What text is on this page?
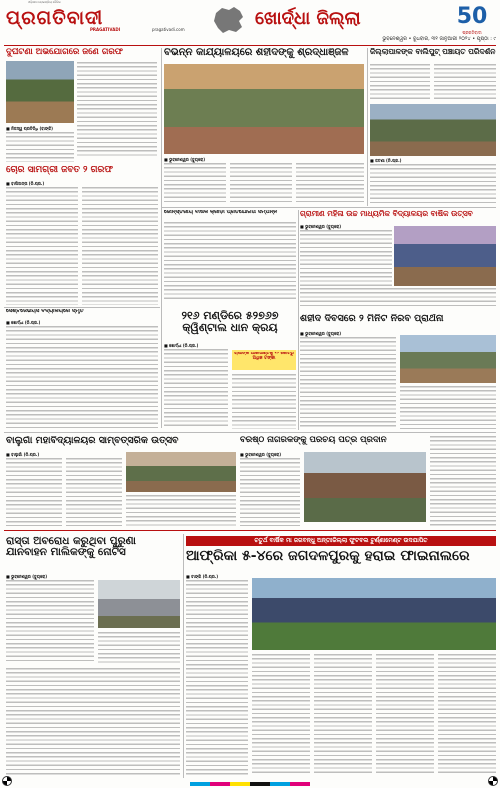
ଓଡ଼ିଶାର ଲୋକପ୍ରିୟ ଦୈନିକ
ପ୍ରଗତିବାଦୀ
PRAGATIVADI	pragativadi.com
ଖୋର୍ଦ୍ଧା ଜିଲ୍ଲା	50
ପ୍ରଗତିବାଦୀ
ଭୁବନେଶ୍ୱର • ବୁଧବାର, ୩୧ ଜାନୁଆରୀ ୨୦୨୪ • ପୃଷ୍ଠା : ୯
ଦୁର୍ଘଟଣା ଅଭିଯୋଗରେ ଜଣେ ଗିରଫ
■ ନିଜସ୍ୱ ପ୍ରତିନିଧି (ବାଙ୍କି)
ଚୋରି ସାମଗ୍ରୀ ଜବତ ୨ ଗିରଫ
■ ବାଲିଅନ୍ତା (ନି.ପ୍ର.)
ବିଭିନ୍ନ କାର୍ଯ୍ୟାଳୟରେ ଶହୀଦଙ୍କୁ ଶ୍ରଦ୍ଧାଞ୍ଜଳି
■ ଭୁବନେଶ୍ୱର (ବ୍ୟୁରୋ)
ଜିଲ୍ଲାପାଳଙ୍କ ବାଲିପୁଟ୍ ପଞ୍ଚାୟତ ପରିଦର୍ଶନ
■ ଜଟଣୀ (ନି.ପ୍ର.)
ଜୋନ୍‌ସ୍ତରୀୟ ବାର୍ଷିକ କ୍ରୀଡ଼ା ପ୍ରତିଯୋଗିତା ସମ୍ପନ୍ନ	ଗ୍ରାମୀଣ ମହିଳା ଉଚ୍ଚ ମାଧ୍ୟମିକ ବିଦ୍ୟାଳୟର ବାର୍ଷିକ ଉତ୍ସବ
■ ଭୁବନେଶ୍ୱର (ବ୍ୟୁରୋ)
ସେଣ୍ଟଜେଭିୟର୍ସ ବିଦ୍ୟାଳୟରେ ସ୍ମୃତି
■ ଖୋର୍ଦ୍ଧା (ନି.ପ୍ର.)
୨୧୬ ମଣ୍ଡିରେ ୫୨୭୬୭ କ୍ୱିଣ୍ଟାଲ ଧାନ କ୍ରୟ
■ ଖୋର୍ଦ୍ଧା (ନି.ପ୍ର.)
ଚାଷୀଙ୍କ ଆକାଉଣ୍ଟକୁ ୧୨ କୋଟିରୁ ଅଧିକ ଟଙ୍କା
ଶହୀଦ ଦିବସରେ ୨ ମିନିଟ ନିରବ ପ୍ରାର୍ଥନା
■ ଭୁବନେଶ୍ୱର (ବ୍ୟୁରୋ)
ବାଲୁଗାଁ ମହାବିଦ୍ୟାଳୟର ସାମ୍ବତ୍ସରିକ ଉତ୍ସବ
■ ବାଲୁଗାଁ (ନି.ପ୍ର.)
ବରିଷ୍ଠ ନାଗରିକଙ୍କୁ ପରିଚୟ ପତ୍ର ପ୍ରଦାନ
■ ଭୁବନେଶ୍ୱର (ବ୍ୟୁରୋ)
ରାସ୍ତା ଅବରୋଧ କରୁଥିବା ପୁରୁଣା ଯାନବାହନ ମାଲିକଙ୍କୁ ନୋଟିସ
■ ଭୁବନେଶ୍ୱର (ବ୍ୟୁରୋ)
ଚତୁର୍ଥ ବାର୍ଷିକ ମା ଜଗବନ୍ଧୁ ଅନ୍ତଃଜିଲ୍ଲା ଫୁଟବଲ ଟୁର୍ଣ୍ଣାମେଣ୍ଟ ଉଦଯାପିତ
ଆଫ୍ରିକା ୫-୪ରେ ଜଗଦଳପୁରକୁ ହରାଇ ଫାଇନାଲରେ
■ ଟାଙ୍ଗି (ନି.ପ୍ର.)
